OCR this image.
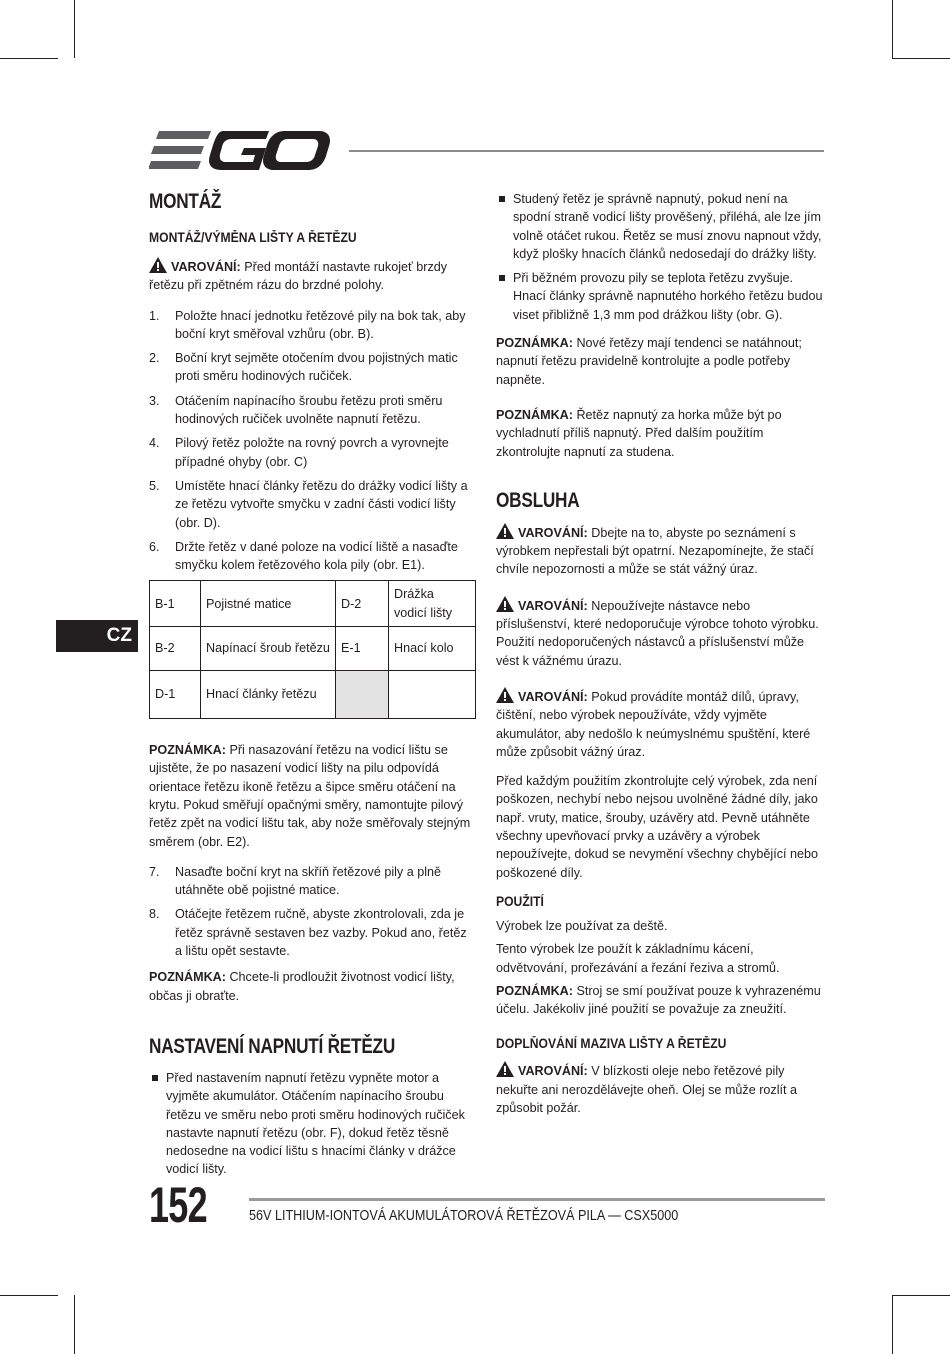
CZ
MONTÁŽ
MONTÁŽ/VÝMĚNA LIŠTY A ŘETĚZU

VAROVÁNÍ: Před montáží nastavte rukojeť brzdy řetězu při zpětném rázu do brzdné polohy.

1. Položte hnací jednotku řetězové pily na bok tak, aby boční kryt směřoval vzhůru (obr. B).
2. Boční kryt sejměte otočením dvou pojistných matic proti směru hodinových ručiček.
3. Otáčením napínacího šroubu řetězu proti směru hodinových ručiček uvolněte napnutí řetězu.
4. Pilový řetěz položte na rovný povrch a vyrovnejte případné ohyby (obr. C)
5. Umístěte hnací články řetězu do drážky vodicí lišty a ze řetězu vytvořte smyčku v zadní části vodicí lišty (obr. D).
6. Držte řetěz v dané poloze na vodicí liště a nasaďte smyčku kolem řetězového kola pily (obr. E1).
B-1	Pojistné matice	D-2	Drážka vodicí lišty
B-2	Napínací šroub řetězu	E-1	Hnací kolo
D-1	Hnací články řetězu		

POZNÁMKA: Při nasazování řetězu na vodicí lištu se ujistěte, že po nasazení vodicí lišty na pilu odpovídá orientace řetězu ikoně řetězu a šipce směru otáčení na krytu. Pokud směřují opačnými směry, namontujte pilový řetěz zpět na vodicí lištu tak, aby nože směřovaly stejným směrem (obr. E2).

7. Nasaďte boční kryt na skříň řetězové pily a plně utáhněte obě pojistné matice.
8. Otáčejte řetězem ručně, abyste zkontrolovali, zda je řetěz správně sestaven bez vazby. Pokud ano, řetěz a lištu opět sestavte.

POZNÁMKA: Chcete-li prodloužit životnost vodicí lišty, občas ji obraťte.

NASTAVENÍ NAPNUTÍ ŘETĚZU
Před nastavením napnutí řetězu vypněte motor a vyjměte akumulátor. Otáčením napínacího šroubu řetězu ve směru nebo proti směru hodinových ručiček nastavte napnutí řetězu (obr. F), dokud řetěz těsně nedosedne na vodicí lištu s hnacími články v drážce vodicí lišty.
Studený řetěz je správně napnutý, pokud není na spodní straně vodicí lišty prověšený, přiléhá, ale lze jím volně otáčet rukou. Řetěz se musí znovu napnout vždy, když plošky hnacích článků nedosedají do drážky lišty.
Při běžném provozu pily se teplota řetězu zvyšuje. Hnací články správně napnutého horkého řetězu budou viset přibližně 1,3 mm pod drážkou lišty (obr. G).

POZNÁMKA: Nové řetězy mají tendenci se natáhnout; napnutí řetězu pravidelně kontrolujte a podle potřeby napněte.

POZNÁMKA: Řetěz napnutý za horka může být po vychladnutí příliš napnutý. Před dalším použitím zkontrolujte napnutí za studena.

OBSLUHA

VAROVÁNÍ: Dbejte na to, abyste po seznámení s výrobkem nepřestali být opatrní. Nezapomínejte, že stačí chvíle nepozornosti a může se stát vážný úraz.

VAROVÁNÍ: Nepoužívejte nástavce nebo příslušenství, které nedoporučuje výrobce tohoto výrobku. Použití nedoporučených nástavců a příslušenství může vést k vážnému úrazu.

VAROVÁNÍ: Pokud provádíte montáž dílů, úpravy, čištění, nebo výrobek nepoužíváte, vždy vyjměte akumulátor, aby nedošlo k neúmyslnému spuštění, které může způsobit vážný úraz.

Před každým použitím zkontrolujte celý výrobek, zda není poškozen, nechybí nebo nejsou uvolněné žádné díly, jako např. vruty, matice, šrouby, uzávěry atd. Pevně utáhněte všechny upevňovací prvky a uzávěry a výrobek nepoužívejte, dokud se nevymění všechny chybějící nebo poškozené díly.

POUŽITÍ

Výrobek lze používat za deště.

Tento výrobek lze použít k základnímu kácení, odvětvování, prořezávání a řezání řeziva a stromů.

POZNÁMKA: Stroj se smí používat pouze k vyhrazenému účelu. Jakékoliv jiné použití se považuje za zneužití.

DOPLŇOVÁNÍ MAZIVA LIŠTY A ŘETĚZU

VAROVÁNÍ: V blízkosti oleje nebo řetězové pily nekuřte ani nerozdělávejte oheň. Olej se může rozlít a způsobit požár.

152	56V LITHIUM-IONTOVÁ AKUMULÁTOROVÁ ŘETĚZOVÁ PILA — CSX5000
